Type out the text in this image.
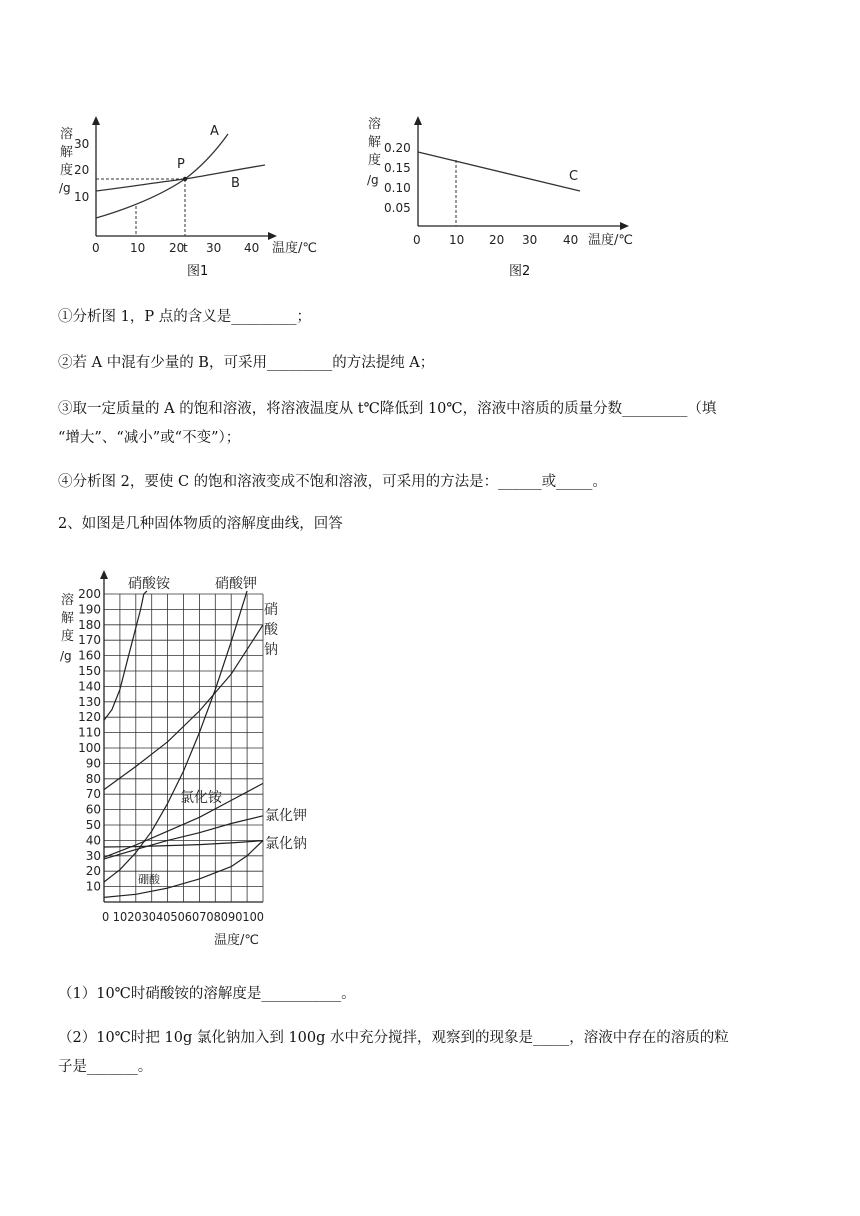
溶
解
度
/g
10
20
30
0	10 20
t 30 40 温度/℃
P
A
B
图1
溶
解
度
/g
0.20
0.15
0.10
0.05
0 10 20 30 40 温度/℃
C
图2
①分析图 1，P 点的含义是_________；
②若 A 中混有少量的 B，可采用_________的方法提纯 A；
③取一定质量的 A 的饱和溶液，将溶液温度从 t℃降低到 10℃，溶液中溶质的质量分数_________（填
“增大”、“减小”或“不变”）；
④分析图 2，要使 C 的饱和溶液变成不饱和溶液，可采用的方法是：______或_____。
2、如图是几种固体物质的溶解度曲线，回答
溶
解
度
/g
10
20
30
40
50
60
70
80
90
100
110
120
130
140
150
160
170
180
190
200
0 102030405060708090100
温度/℃
硝酸铵	硝酸钾
硝
酸
钠
氯化铵
氯化钾
氯化钠
硼酸
（1）10℃时硝酸铵的溶解度是___________。
（2）10℃时把 10g 氯化钠加入到 100g 水中充分搅拌，观察到的现象是_____，溶液中存在的溶质的粒
子是_______。
